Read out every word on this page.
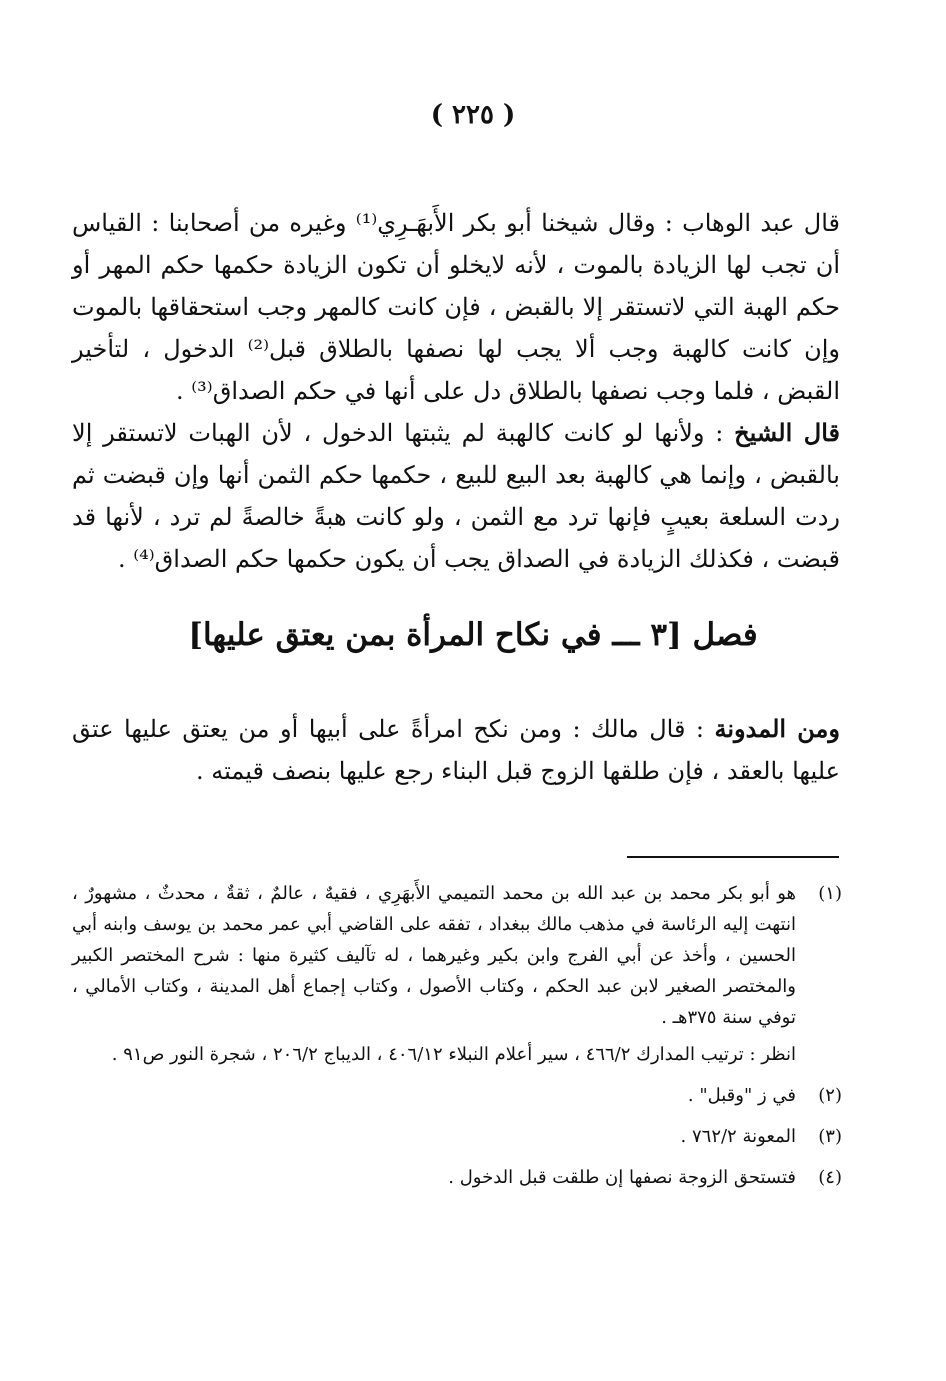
( ٢٢٥ )
قال عبد الوهاب : وقال شيخنا أبو بكر الأَبهَـرِي⁽¹⁾ وغيره من أصحابنا : القياس أن تجب لها الزيادة بالموت ، لأنه لايخلو أن تكون الزيادة حكمها حكم المهر أو حكم الهبة التي لاتستقر إلا بالقبض ، فإن كانت كالمهر وجب استحقاقها بالموت وإن كانت كالهبة وجب ألا يجب لها نصفها بالطلاق قبل⁽²⁾ الدخول ، لتأخير القبض ، فلما وجب نصفها بالطلاق دل على أنها في حكم الصداق⁽³⁾ .
قال الشيخ : ولأنها لو كانت كالهبة لم يثبتها الدخول ، لأن الهبات لاتستقر إلا بالقبض ، وإنما هي كالهبة بعد البيع للبيع ، حكمها حكم الثمن أنها وإن قبضت ثم ردت السلعة بعيبٍ فإنها ترد مع الثمن ، ولو كانت هبةً خالصةً لم ترد ، لأنها قد قبضت ، فكذلك الزيادة في الصداق يجب أن يكون حكمها حكم الصداق⁽⁴⁾ .
فصل [٣ ـــ في نكاح المرأة بمن يعتق عليها]
ومن المدونة : قال مالك : ومن نكح امرأةً على أبيها أو من يعتق عليها عتق عليها بالعقد ، فإن طلقها الزوج قبل البناء رجع عليها بنصف قيمته .
(١)

هو أبو بكر محمد بن عبد الله بن محمد التميمي الأَبهَرِي ، فقيهٌ ، عالمٌ ، ثقةٌ ، محدثٌ ، مشهورٌ ، انتهت إليه الرئاسة في مذهب مالك ببغداد ، تفقه على القاضي أبي عمر محمد بن يوسف وابنه أبي الحسين ، وأخذ عن أبي الفرج وابن بكير وغيرهما ، له تآليف كثيرة منها : شرح المختصر الكبير والمختصر الصغير لابن عبد الحكم ، وكتاب الأصول ، وكتاب إجماع أهل المدينة ، وكتاب الأمالي ، توفي سنة ٣٧٥هـ .

انظر : ترتيب المدارك ٤٦٦/٢ ، سير أعلام النبلاء ٤٠٦/١٢ ، الديباج ٢٠٦/٢ ، شجرة النور ص٩١ .

(٢)

في ز "وقبل" .

(٣)

المعونة ٧٦٢/٢ .

(٤)

فتستحق الزوجة نصفها إن طلقت قبل الدخول .
